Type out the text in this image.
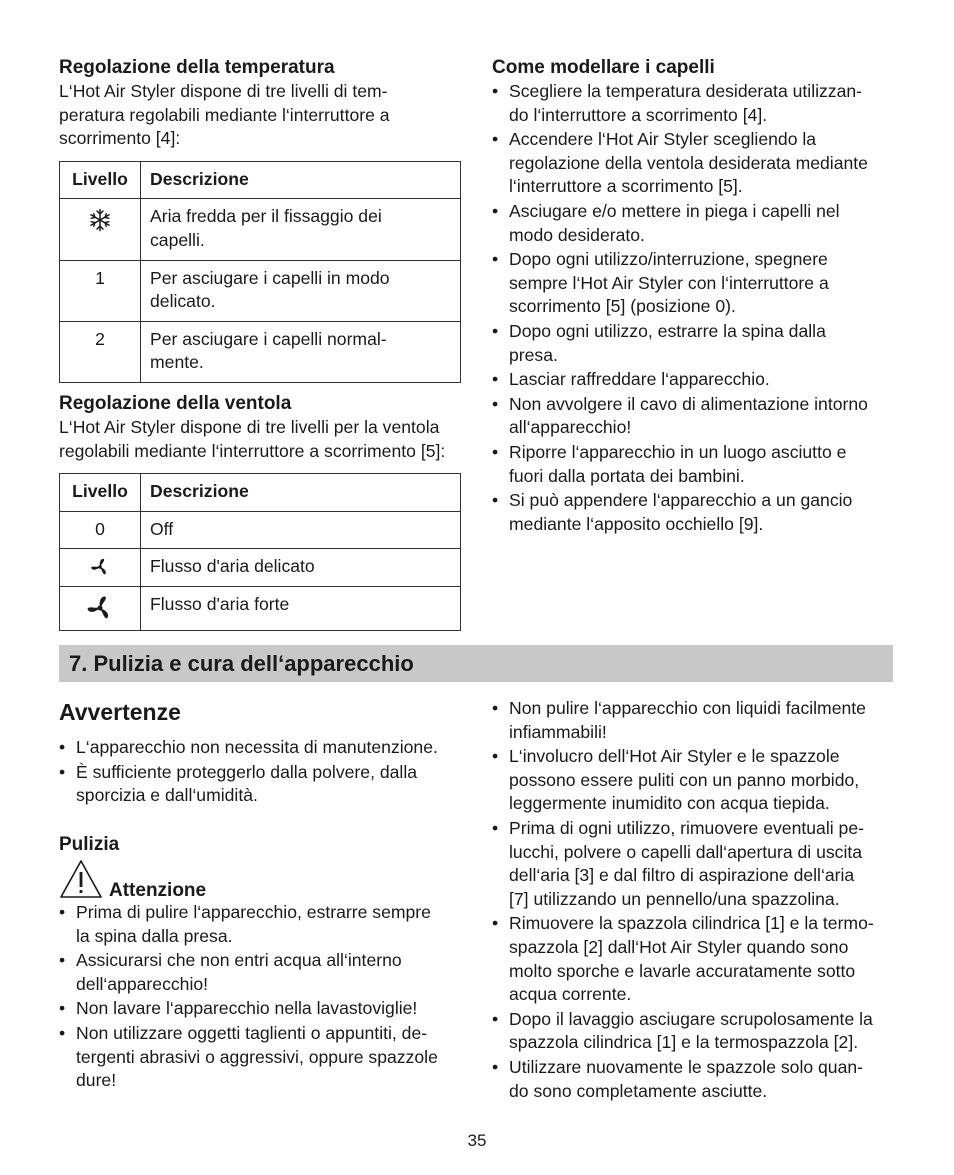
Regolazione della temperatura

L‘Hot Air Styler dispone di tre livelli di tem-
peratura regolabili mediante l‘interruttore a
scorrimento [4]:

Livello	Descrizione

	Aria fredda per il fissaggio dei
capelli.
1	Per asciugare i capelli in modo
delicato.
2	Per asciugare i capelli normal-
mente.

Regolazione della ventola

L‘Hot Air Styler dispone di tre livelli per la ventola
regolabili mediante l‘interruttore a scorrimento [5]:

Livello	Descrizione
0	Off

	Flusso d'aria delicato

	Flusso d'aria forte

Come modellare i capelli

• Scegliere la temperatura desiderata utilizzan-
do l‘interruttore a scorrimento [4].
• Accendere l‘Hot Air Styler scegliendo la
regolazione della ventola desiderata mediante
l‘interruttore a scorrimento [5].
• Asciugare e/o mettere in piega i capelli nel
modo desiderato.
• Dopo ogni utilizzo/interruzione, spegnere
sempre l‘Hot Air Styler con l‘interruttore a
scorrimento [5] (posizione 0).
• Dopo ogni utilizzo, estrarre la spina dalla
presa.
• Lasciar raffreddare l‘apparecchio.
• Non avvolgere il cavo di alimentazione intorno
all‘apparecchio!
• Riporre l‘apparecchio in un luogo asciutto e
fuori dalla portata dei bambini.
• Si può appendere l‘apparecchio a un gancio
mediante l‘apposito occhiello [9].
7. Pulizia e cura dell‘apparecchio

Avvertenze

• L‘apparecchio non necessita di manutenzione.
• È sufficiente proteggerlo dalla polvere, dalla
sporcizia e dall‘umidità.

Pulizia

Attenzione
• Prima di pulire l‘apparecchio, estrarre sempre
la spina dalla presa.
• Assicurarsi che non entri acqua all‘interno
dell‘apparecchio!
• Non lavare l‘apparecchio nella lavastoviglie!
• Non utilizzare oggetti taglienti o appuntiti, de-
tergenti abrasivi o aggressivi, oppure spazzole
dure!
• Non pulire l‘apparecchio con liquidi facilmente
infiammabili!
• L‘involucro dell‘Hot Air Styler e le spazzole
possono essere puliti con un panno morbido,
leggermente inumidito con acqua tiepida.
• Prima di ogni utilizzo, rimuovere eventuali pe-
lucchi, polvere o capelli dall‘apertura di uscita
dell‘aria [3] e dal filtro di aspirazione dell‘aria
[7] utilizzando un pennello/una spazzolina.
• Rimuovere la spazzola cilindrica [1] e la termo-
spazzola [2] dall‘Hot Air Styler quando sono
molto sporche e lavarle accuratamente sotto
acqua corrente.
• Dopo il lavaggio asciugare scrupolosamente la
spazzola cilindrica [1] e la termospazzola [2].
• Utilizzare nuovamente le spazzole solo quan-
do sono completamente asciutte.
35
